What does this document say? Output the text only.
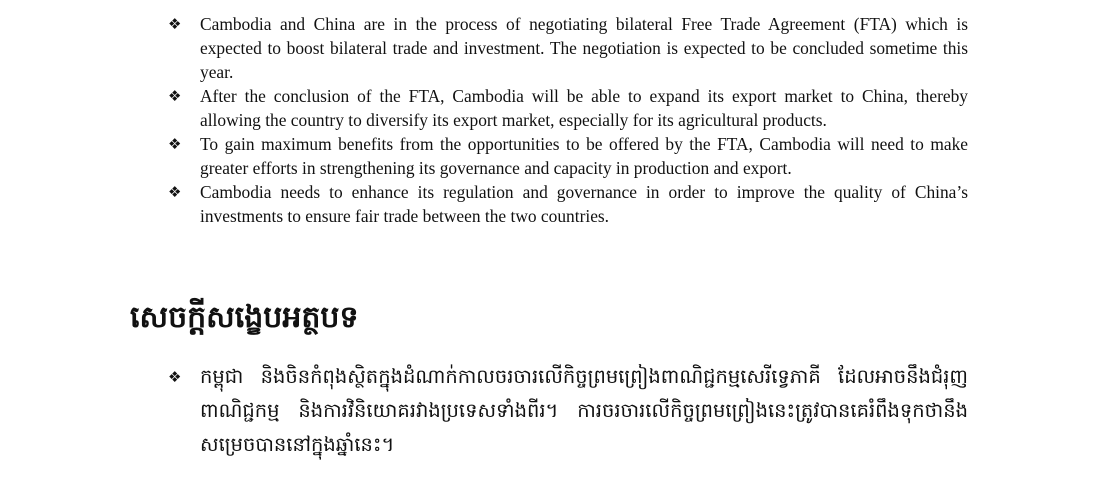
❖ Cambodia and China are in the process of negotiating bilateral Free Trade Agreement (FTA) which is expected to boost bilateral trade and investment. The negotiation is expected to be concluded sometime this year.
❖ After the conclusion of the FTA, Cambodia will be able to expand its export market to China, thereby allowing the country to diversify its export market, especially for its agricultural products.
❖ To gain maximum benefits from the opportunities to be offered by the FTA, Cambodia will need to make greater efforts in strengthening its governance and capacity in production and export.
❖ Cambodia needs to enhance its regulation and governance in order to improve the quality of China’s investments to ensure fair trade between the two countries.
សេចក្តីសង្ខេបអត្ថបទ
❖ កម្ពុជា និងចិនកំពុងស្ថិតក្នុងដំណាក់កាលចរចារលើកិច្ចព្រមព្រៀងពាណិជ្ជកម្មសេរីទ្វេភាគី ដែលអាចនឹងជំរុញពាណិជ្ជកម្ម និងការវិនិយោគរវាងប្រទេសទាំងពីរ។ ការចរចារលើកិច្ចព្រមព្រៀងនេះត្រូវបានគេរំពឹងទុកថានឹងសម្រេចបាននៅក្នុងឆ្នាំនេះ។
